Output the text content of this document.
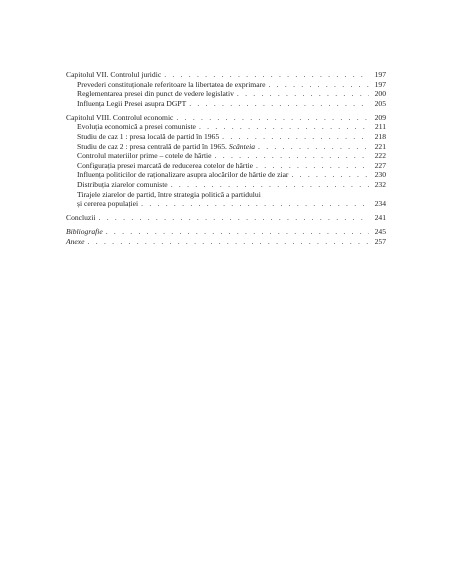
Capitolul VII. Controlul juridic . . .	197
Prevederi constituționale referitoare la libertatea de exprimare . . .	197
Reglementarea presei din punct de vedere legislativ . . .	200
Influența Legii Presei asupra DGPT . . .	205
Capitolul VIII. Controlul economic . . .	209
Evoluția economică a presei comuniste . . .	211
Studiu de caz 1 : presa locală de partid în 1965 . . .	218
Studiu de caz 2 : presa centrală de partid în 1965. Scânteia . . .	221
Controlul materiilor prime – cotele de hârtie . . .	222
Configurația presei marcată de reducerea cotelor de hârtie . . .	227
Influența politicilor de raționalizare asupra alocărilor de hârtie de ziar . . .	230
Distribuția ziarelor comuniste . . .	232
Tirajele ziarelor de partid, între strategia politică a partidului
și cererea populației . . .	234
Concluzii . . .	241
Bibliografie . . .	245
Anexe . . .	257
